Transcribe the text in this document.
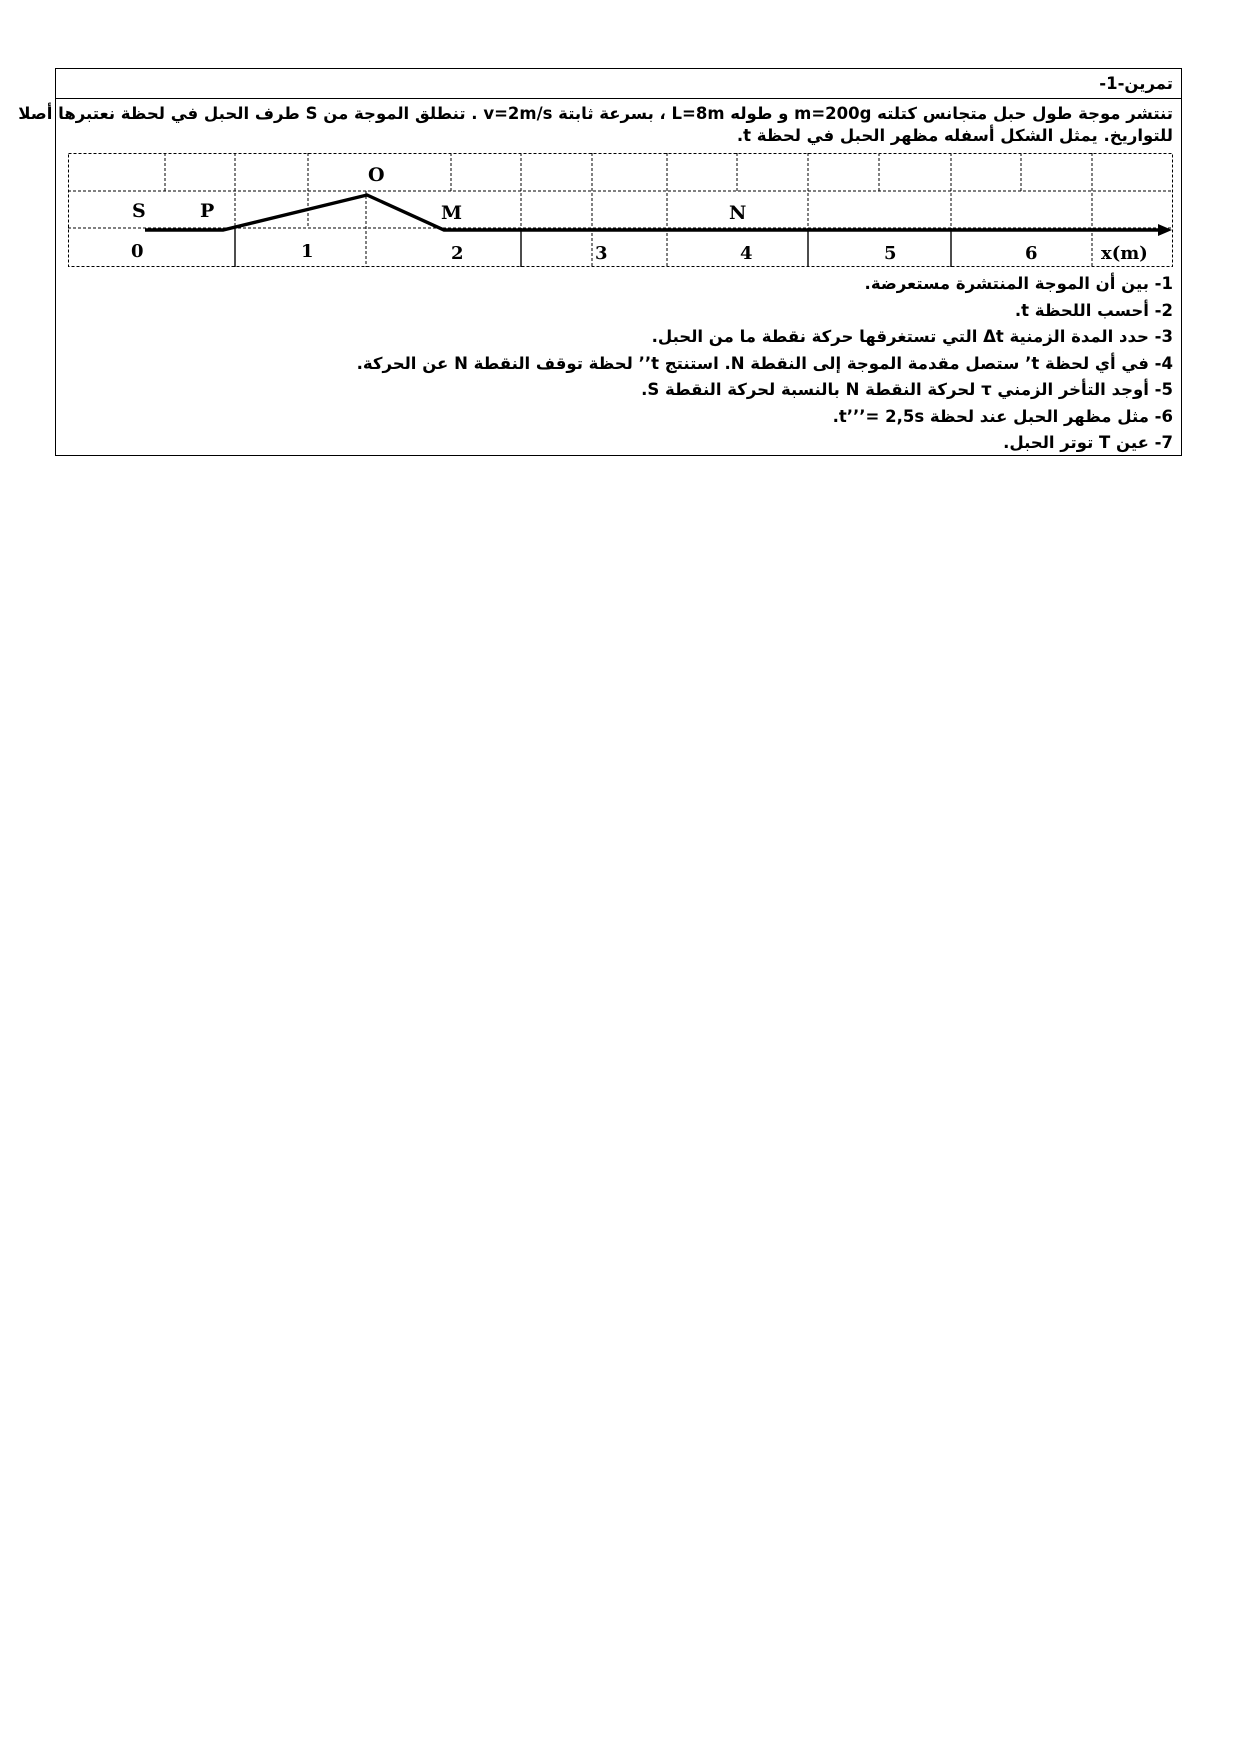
تمرين-1-
تنتشر موجة طول حبل متجانس كتلته m=200g و طوله L=8m ، بسرعة ثابتة v=2m/s . تنطلق الموجة من S طرف الحبل في لحظة نعتبرها أصلا
للتواريخ. يمثل الشكل أسفله مظهر الحبل في لحظة t.
S	P
O
M	N
0	1	2	3	4	5	6	x(m)
1- بين أن الموجة المنتشرة مستعرضة.
2- أحسب اللحظة t.
3- حدد المدة الزمنية Δt التي تستغرقها حركة نقطة ما من الحبل.
4- في أي لحظة t’ ستصل مقدمة الموجة إلى النقطة N. استنتج t’’ لحظة توقف النقطة N عن الحركة.
5- أوجد التأخر الزمني τ لحركة النقطة N بالنسبة لحركة النقطة S.
6- مثل مظهر الحبل عند لحظة t’’’= 2,5s.
7- عين T توتر الحبل.
